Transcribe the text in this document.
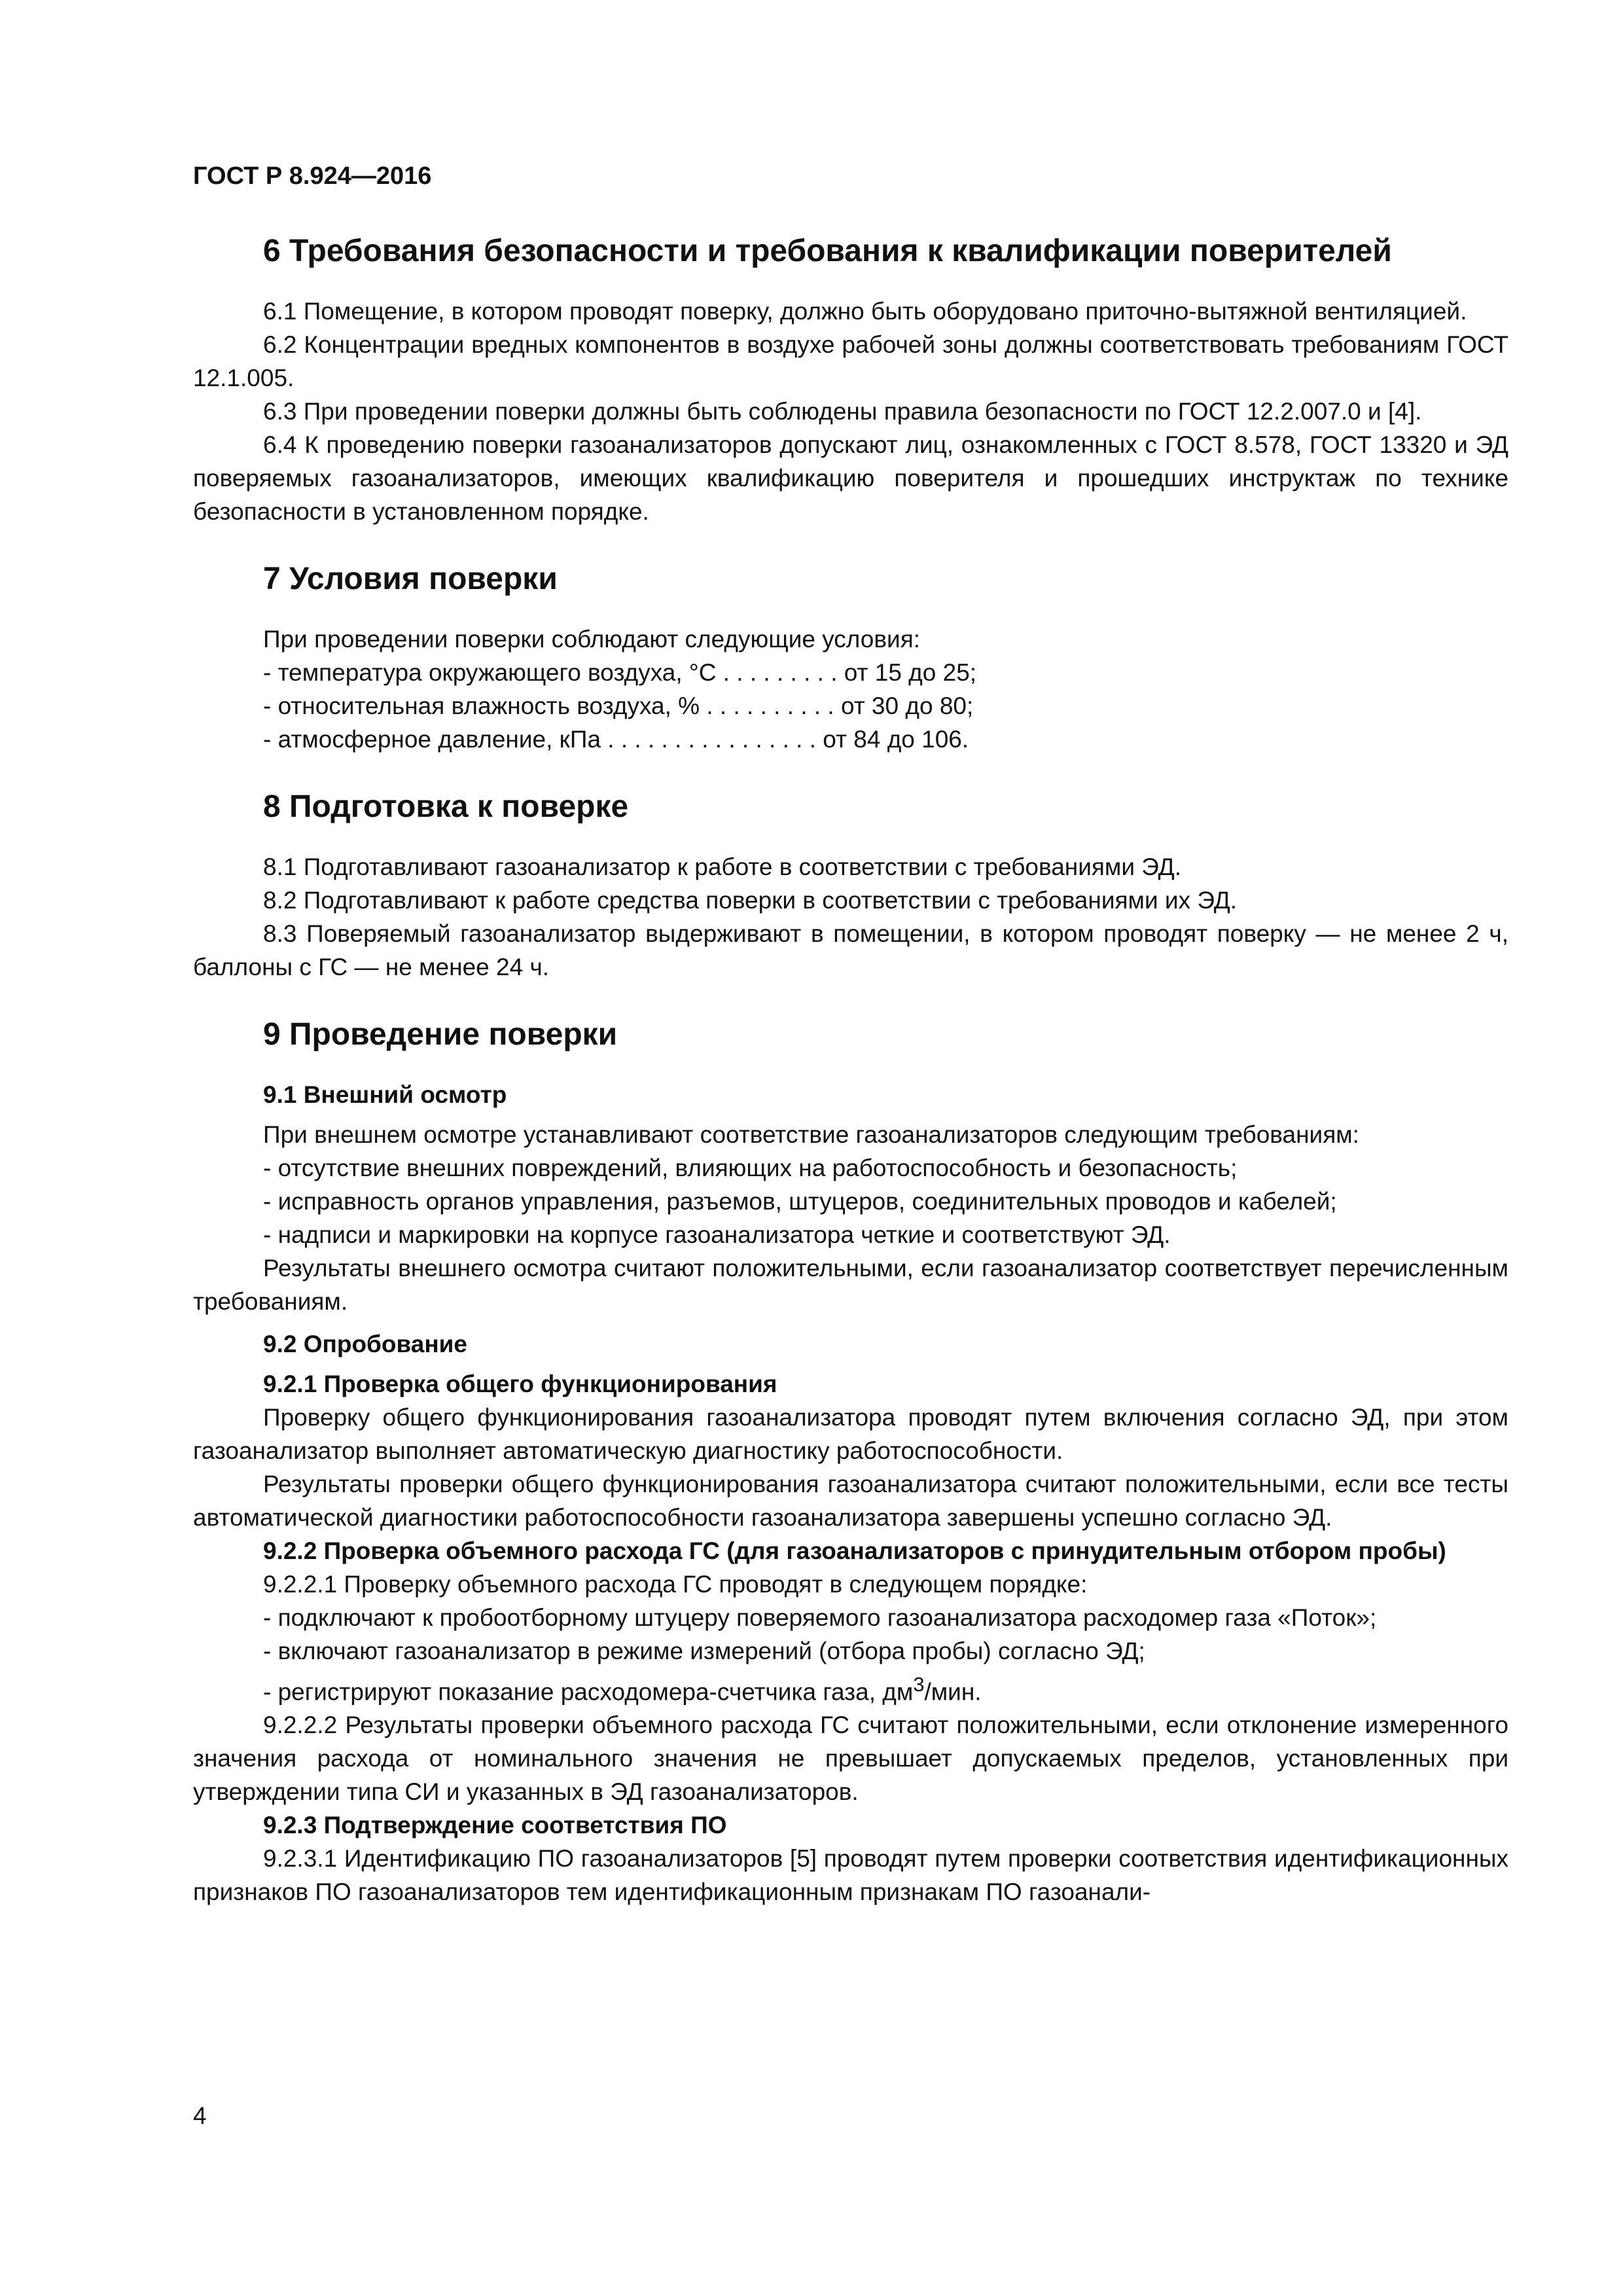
ГОСТ Р 8.924—2016
6 Требования безопасности и требования к квалификации поверителей

6.1 Помещение, в котором проводят поверку, должно быть оборудовано приточно-вытяжной вентиляцией.

6.2 Концентрации вредных компонентов в воздухе рабочей зоны должны соответствовать требованиям ГОСТ 12.1.005.

6.3 При проведении поверки должны быть соблюдены правила безопасности по ГОСТ 12.2.007.0 и [4].

6.4 К проведению поверки газоанализаторов допускают лиц, ознакомленных с ГОСТ 8.578, ГОСТ 13320 и ЭД поверяемых газоанализаторов, имеющих квалификацию поверителя и прошедших инструктаж по технике безопасности в установленном порядке.

7 Условия поверки

При проведении поверки соблюдают следующие условия:

- температура окружающего воздуха, °С . . . . . . . . . от 15 до 25;

- относительная влажность воздуха, % . . . . . . . . . . от 30 до 80;

- атмосферное давление, кПа . . . . . . . . . . . . . . . . от 84 до 106.

8 Подготовка к поверке

8.1 Подготавливают газоанализатор к работе в соответствии с требованиями ЭД.

8.2 Подготавливают к работе средства поверки в соответствии с требованиями их ЭД.

8.3 Поверяемый газоанализатор выдерживают в помещении, в котором проводят поверку — не менее 2 ч, баллоны с ГС — не менее 24 ч.

9 Проведение поверки

9.1 Внешний осмотр

При внешнем осмотре устанавливают соответствие газоанализаторов следующим требованиям:

- отсутствие внешних повреждений, влияющих на работоспособность и безопасность;

- исправность органов управления, разъемов, штуцеров, соединительных проводов и кабелей;

- надписи и маркировки на корпусе газоанализатора четкие и соответствуют ЭД.

Результаты внешнего осмотра считают положительными, если газоанализатор соответствует перечисленным требованиям.

9.2 Опробование

9.2.1 Проверка общего функционирования

Проверку общего функционирования газоанализатора проводят путем включения согласно ЭД, при этом газоанализатор выполняет автоматическую диагностику работоспособности.

Результаты проверки общего функционирования газоанализатора считают положительными, если все тесты автоматической диагностики работоспособности газоанализатора завершены успешно согласно ЭД.

9.2.2 Проверка объемного расхода ГС (для газоанализаторов с принудительным отбором пробы)

9.2.2.1 Проверку объемного расхода ГС проводят в следующем порядке:

- подключают к пробоотборному штуцеру поверяемого газоанализатора расходомер газа «Поток»;

- включают газоанализатор в режиме измерений (отбора пробы) согласно ЭД;

- регистрируют показание расходомера-счетчика газа, $дм^3$/мин.

9.2.2.2 Результаты проверки объемного расхода ГС считают положительными, если отклонение измеренного значения расхода от номинального значения не превышает допускаемых пределов, установленных при утверждении типа СИ и указанных в ЭД газоанализаторов.

9.2.3 Подтверждение соответствия ПО

9.2.3.1 Идентификацию ПО газоанализаторов [5] проводят путем проверки соответствия идентификационных признаков ПО газоанализаторов тем идентификационным признакам ПО газоанали-

4
